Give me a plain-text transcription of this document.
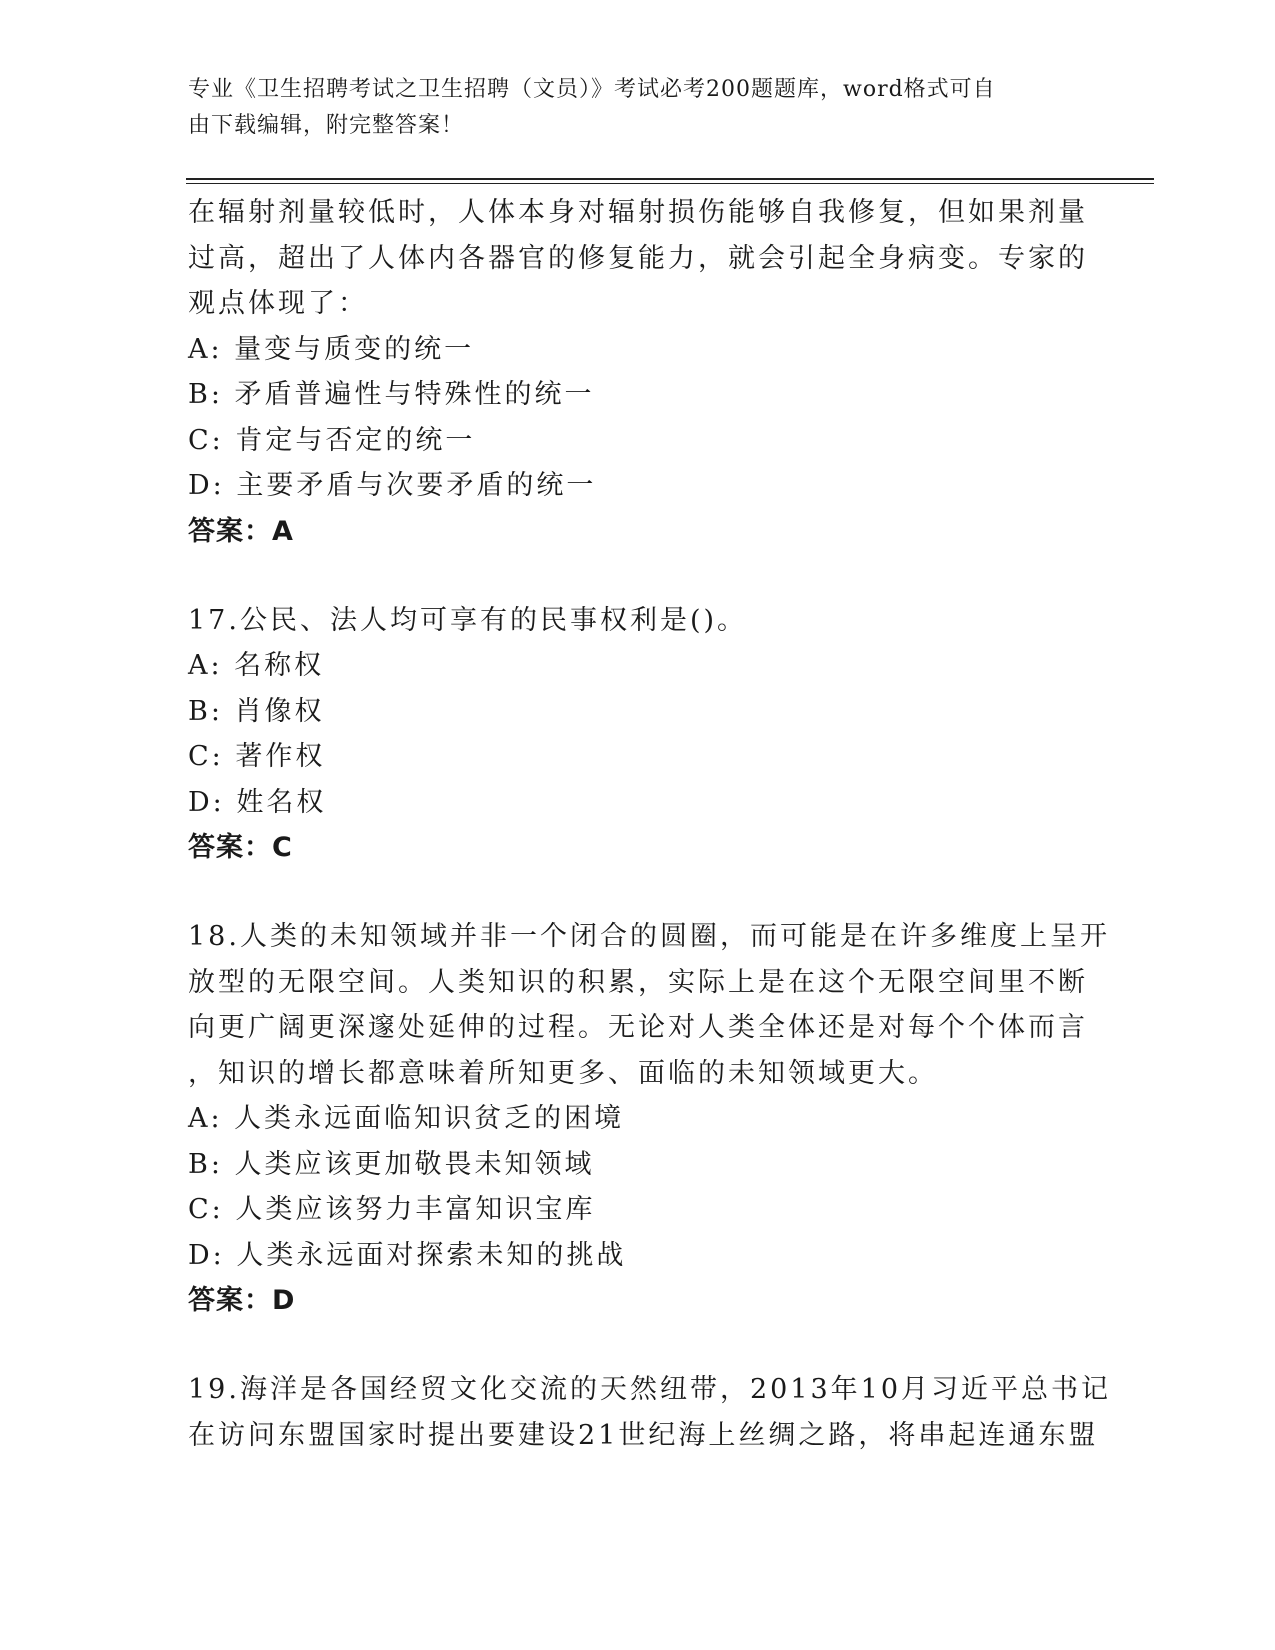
专业《卫生招聘考试之卫生招聘（文员）》考试必考200题题库，word格式可自
由下载编辑，附完整答案！
在辐射剂量较低时，人体本身对辐射损伤能够自我修复，但如果剂量
过高，超出了人体内各器官的修复能力，就会引起全身病变。专家的
观点体现了：
A: 量变与质变的统一
B: 矛盾普遍性与特殊性的统一
C: 肯定与否定的统一
D: 主要矛盾与次要矛盾的统一
答案：A
17.公民、法人均可享有的民事权利是()。
A: 名称权
B: 肖像权
C: 著作权
D: 姓名权
答案：C
18.人类的未知领域并非一个闭合的圆圈，而可能是在许多维度上呈开
放型的无限空间。人类知识的积累，实际上是在这个无限空间里不断
向更广阔更深邃处延伸的过程。无论对人类全体还是对每个个体而言
，知识的增长都意味着所知更多、面临的未知领域更大。
A: 人类永远面临知识贫乏的困境
B: 人类应该更加敬畏未知领域
C: 人类应该努力丰富知识宝库
D: 人类永远面对探索未知的挑战
答案：D
19.海洋是各国经贸文化交流的天然纽带，2013年10月习近平总书记
在访问东盟国家时提出要建设21世纪海上丝绸之路，将串起连通东盟
